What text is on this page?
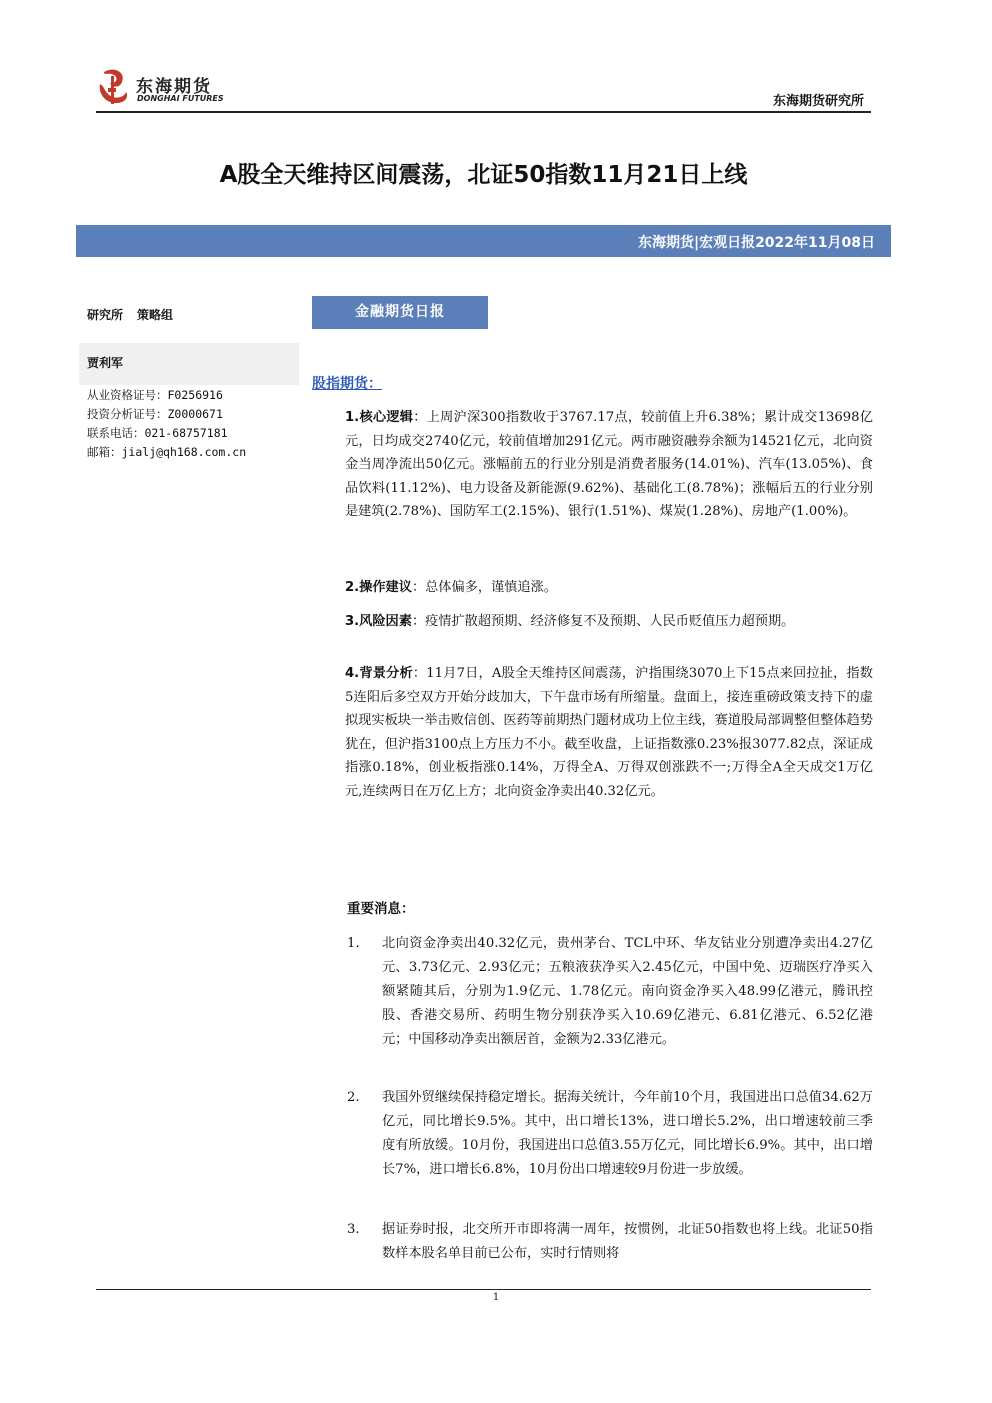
东海期货
DONGHAI FUTURES	东海期货研究所
A股全天维持区间震荡，北证50指数11月21日上线
东海期货|宏观日报2022年11月08日
研究所 策略组
贾利军
从业资格证号：F0256916
投资分析证号：Z0000671
联系电话：021-68757181
邮箱：jialj@qh168.com.cn
金融期货日报
股指期货：
1.核心逻辑：上周沪深300指数收于3767.17点，较前值上升6.38%；累计成交13698亿元，日均成交2740亿元，较前值增加291亿元。两市融资融券余额为14521亿元，北向资金当周净流出50亿元。涨幅前五的行业分别是消费者服务(14.01%)、汽车(13.05%)、食品饮料(11.12%)、电力设备及新能源(9.62%)、基础化工(8.78%)；涨幅后五的行业分别是建筑(2.78%)、国防军工(2.15%)、银行(1.51%)、煤炭(1.28%)、房地产(1.00%)。
2.操作建议：总体偏多，谨慎追涨。
3.风险因素：疫情扩散超预期、经济修复不及预期、人民币贬值压力超预期。
4.背景分析：11月7日，A股全天维持区间震荡，沪指围绕3070上下15点来回拉扯，指数5连阳后多空双方开始分歧加大，下午盘市场有所缩量。盘面上，接连重磅政策支持下的虚拟现实板块一举击败信创、医药等前期热门题材成功上位主线，赛道股局部调整但整体趋势犹在，但沪指3100点上方压力不小。截至收盘，上证指数涨0.23%报3077.82点，深证成指涨0.18%，创业板指涨0.14%，万得全A、万得双创涨跌不一;万得全A全天成交1万亿元,连续两日在万亿上方；北向资金净卖出40.32亿元。
重要消息：
1. 北向资金净卖出40.32亿元，贵州茅台、TCL中环、华友钴业分别遭净卖出4.27亿元、3.73亿元、2.93亿元；五粮液获净买入2.45亿元，中国中免、迈瑞医疗净买入额紧随其后，分别为1.9亿元、1.78亿元。南向资金净买入48.99亿港元，腾讯控股、香港交易所、药明生物分别获净买入10.69亿港元、6.81亿港元、6.52亿港元；中国移动净卖出额居首，金额为2.33亿港元。
2. 我国外贸继续保持稳定增长。据海关统计，今年前10个月，我国进出口总值34.62万亿元，同比增长9.5%。其中，出口增长13%，进口增长5.2%，出口增速较前三季度有所放缓。10月份，我国进出口总值3.55万亿元，同比增长6.9%。其中，出口增长7%，进口增长6.8%，10月份出口增速较9月份进一步放缓。
3. 据证券时报，北交所开市即将满一周年，按惯例，北证50指数也将上线。北证50指数样本股名单目前已公布，实时行情则将
1
